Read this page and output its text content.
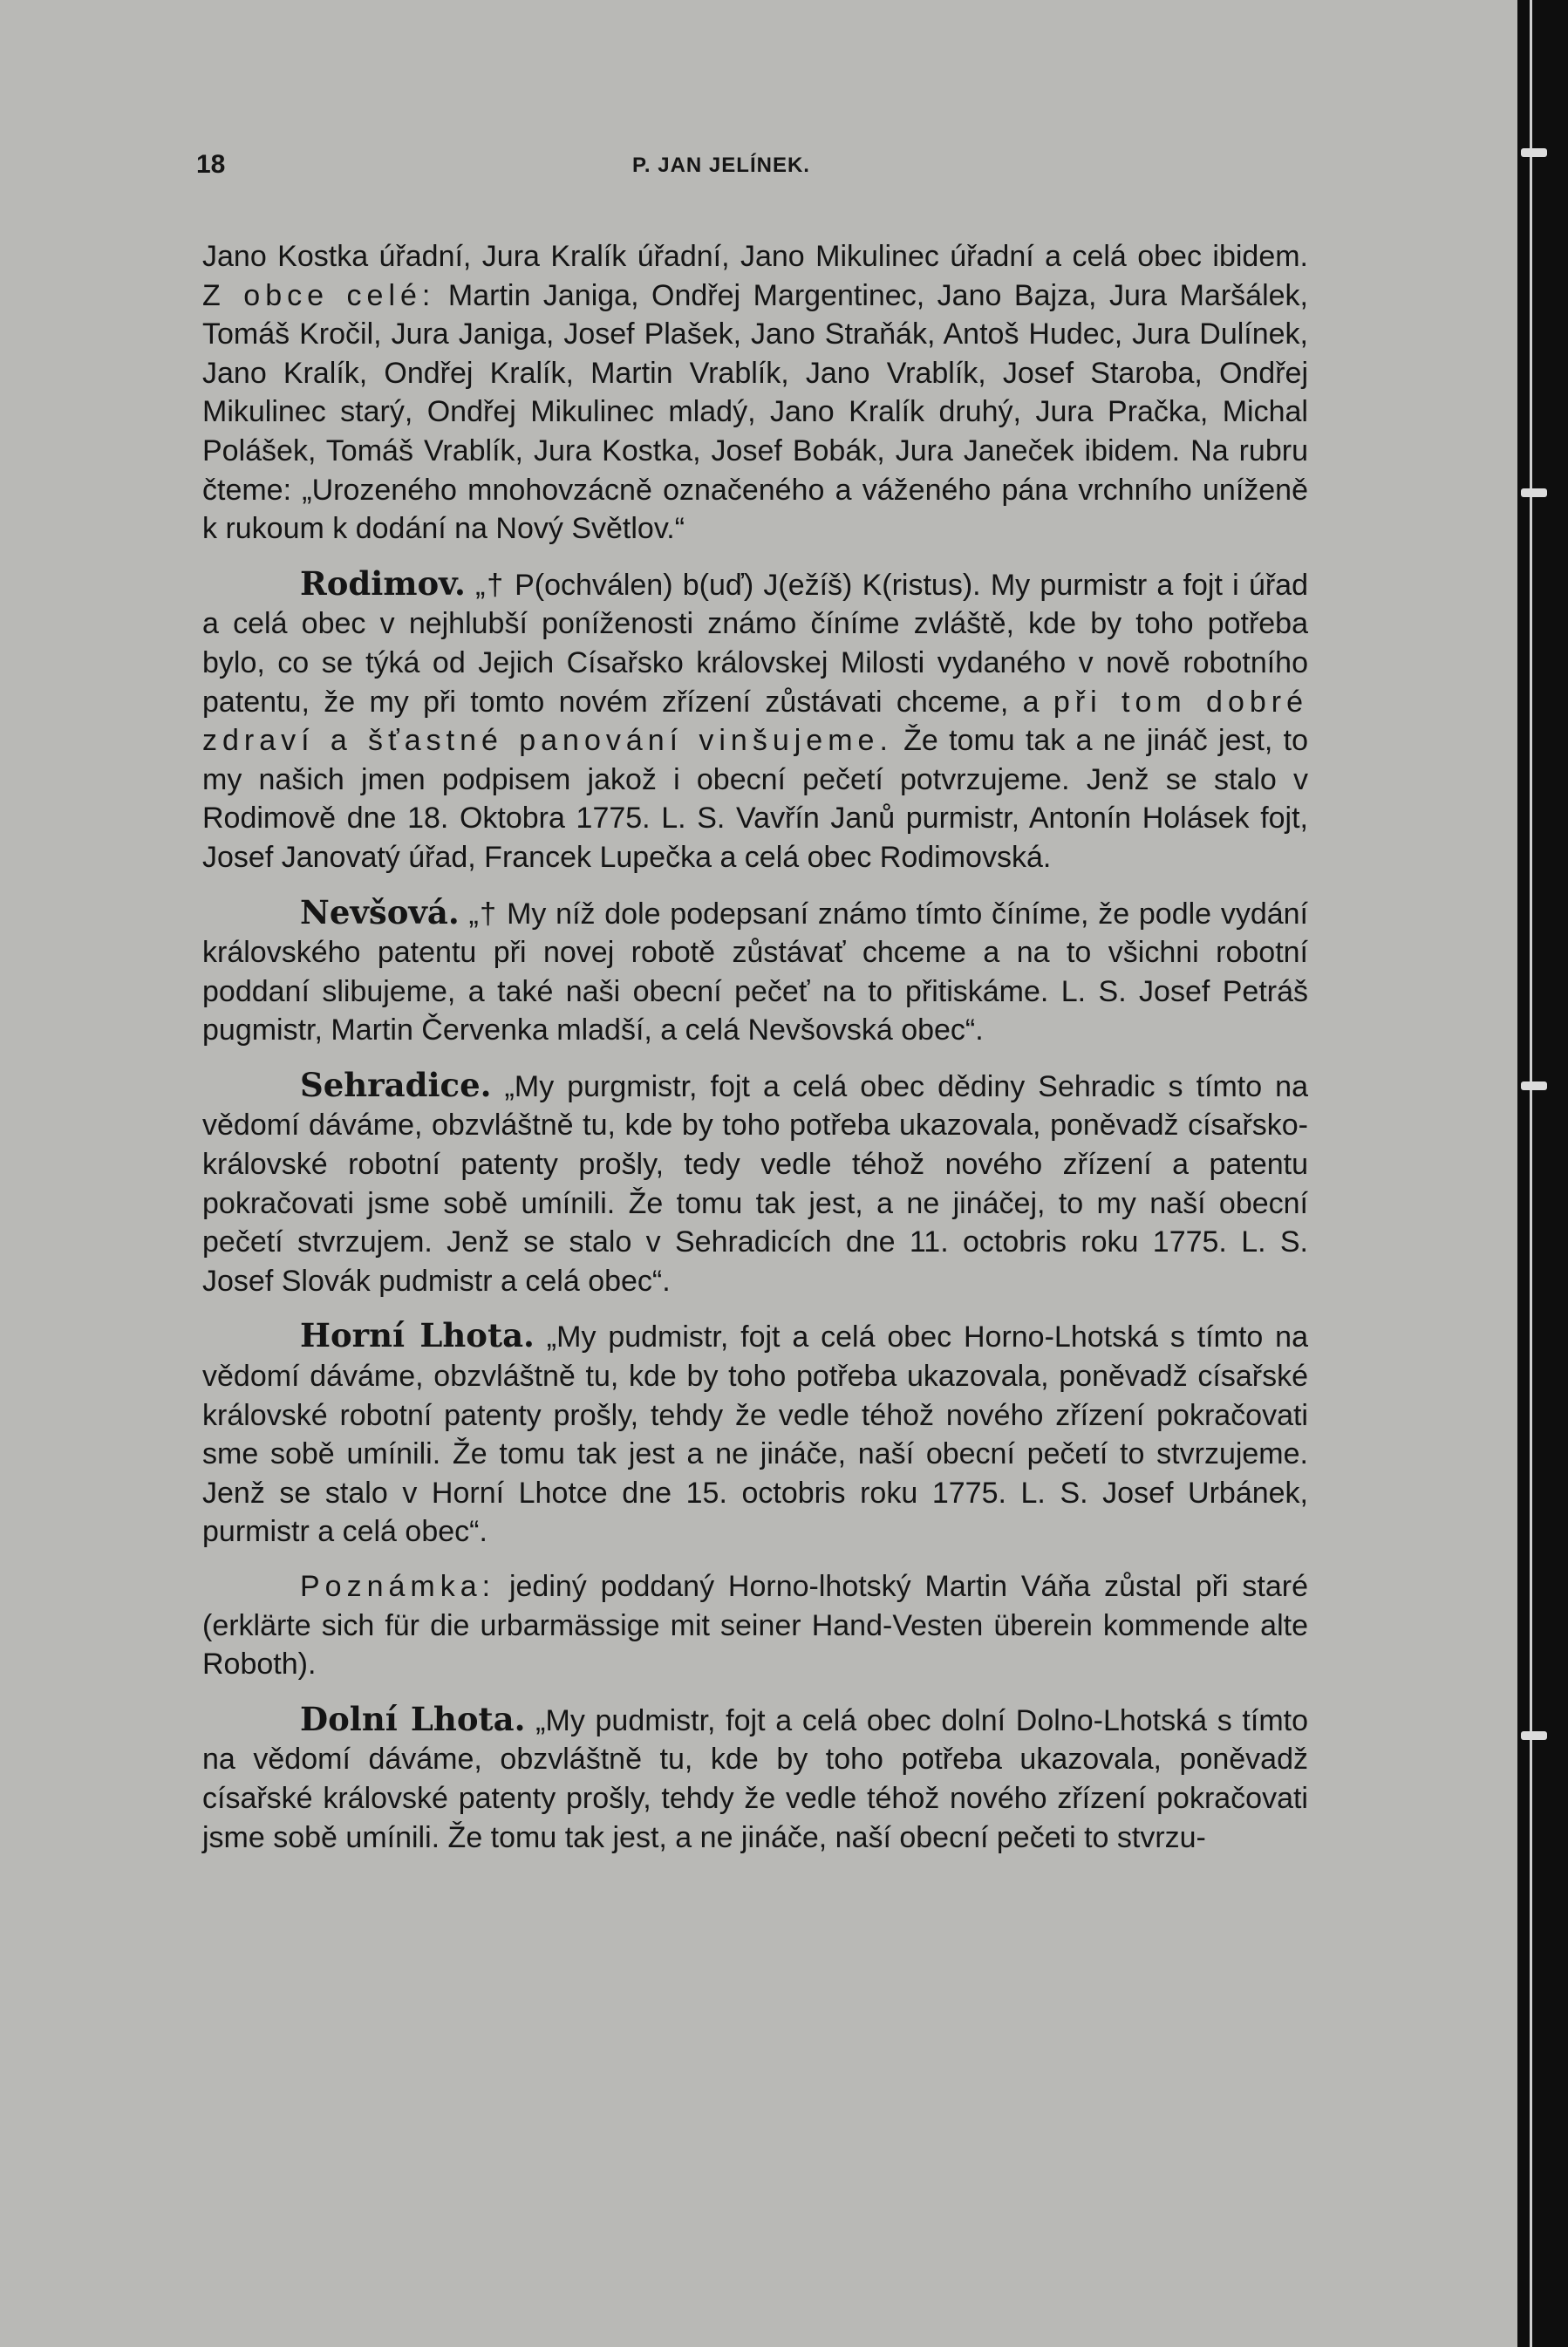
18	P. JAN JELÍNEK.

Jano Kostka úřadní, Jura Kralík úřadní, Jano Mikulinec úřadní a celá obec ibidem. Z obce celé: Martin Janiga, Ondřej Margentinec, Jano Bajza, Jura Maršálek, Tomáš Kročil, Jura Janiga, Josef Plašek, Jano Straňák, Antoš Hudec, Jura Dulínek, Jano Kralík, Ondřej Kralík, Martin Vrablík, Jano Vrablík, Josef Staroba, Ondřej Mikulinec starý, Ondřej Mikulinec mladý, Jano Kralík druhý, Jura Pračka, Michal Polášek, Tomáš Vrablík, Jura Kostka, Josef Bobák, Jura Janeček ibidem. Na rubru čteme: „Urozeného mnohovzácně označeného a váženého pána vrchního uníženě k rukoum k dodání na Nový Světlov.“

Rodimov. „† P(ochválen) b(uď) J(ežíš) K(ristus). My purmistr a fojt i úřad a celá obec v nejhlubší poníženosti známo číníme zvláště, kde by toho potřeba bylo, co se týká od Jejich Císařsko královskej Milosti vydaného v nově robotního patentu, že my při tomto novém zřízení zůstávati chceme, a při tom dobré zdraví a šťastné panování vinšujeme. Že tomu tak a ne jináč jest, to my našich jmen podpisem jakož i obecní pečetí potvrzujeme. Jenž se stalo v Rodimově dne 18. Oktobra 1775. L. S. Vavřín Janů purmistr, Antonín Holásek fojt, Josef Janovatý úřad, Francek Lupečka a celá obec Rodimovská.

Nevšová. „† My níž dole podepsaní známo tímto číníme, že podle vydání královského patentu při novej robotě zůstávať chceme a na to všichni robotní poddaní slibujeme, a také naši obecní pečeť na to přitiskáme. L. S. Josef Petráš pugmistr, Martin Červenka mladší, a celá Nevšovská obec“.

Sehradice. „My purgmistr, fojt a celá obec dědiny Sehradic s tímto na vědomí dáváme, obzvláštně tu, kde by toho potřeba ukazovala, poněvadž císařsko-královské robotní patenty prošly, tedy vedle téhož nového zřízení a patentu pokračovati jsme sobě umínili. Že tomu tak jest, a ne jináčej, to my naší obecní pečetí stvrzujem. Jenž se stalo v Sehradicích dne 11. octobris roku 1775. L. S. Josef Slovák pudmistr a celá obec“.

Horní Lhota. „My pudmistr, fojt a celá obec Horno-Lhotská s tímto na vědomí dáváme, obzvláštně tu, kde by toho potřeba ukazovala, poněvadž císařské královské robotní patenty prošly, tehdy že vedle téhož nového zřízení pokračovati sme sobě umínili. Že tomu tak jest a ne jináče, naší obecní pečetí to stvrzujeme. Jenž se stalo v Horní Lhotce dne 15. octobris roku 1775. L. S. Josef Urbánek, purmistr a celá obec“.

Poznámka: jediný poddaný Horno-lhotský Martin Váňa zůstal při staré (erklärte sich für die urbarmässige mit seiner Hand-Vesten überein kommende alte Roboth).

Dolní Lhota. „My pudmistr, fojt a celá obec dolní Dolno-Lhotská s tímto na vědomí dáváme, obzvláštně tu, kde by toho potřeba ukazovala, poněvadž císařské královské patenty prošly, tehdy že vedle téhož nového zřízení pokračovati jsme sobě umínili. Že tomu tak jest, a ne jináče, naší obecní pečeti to stvrzu-
